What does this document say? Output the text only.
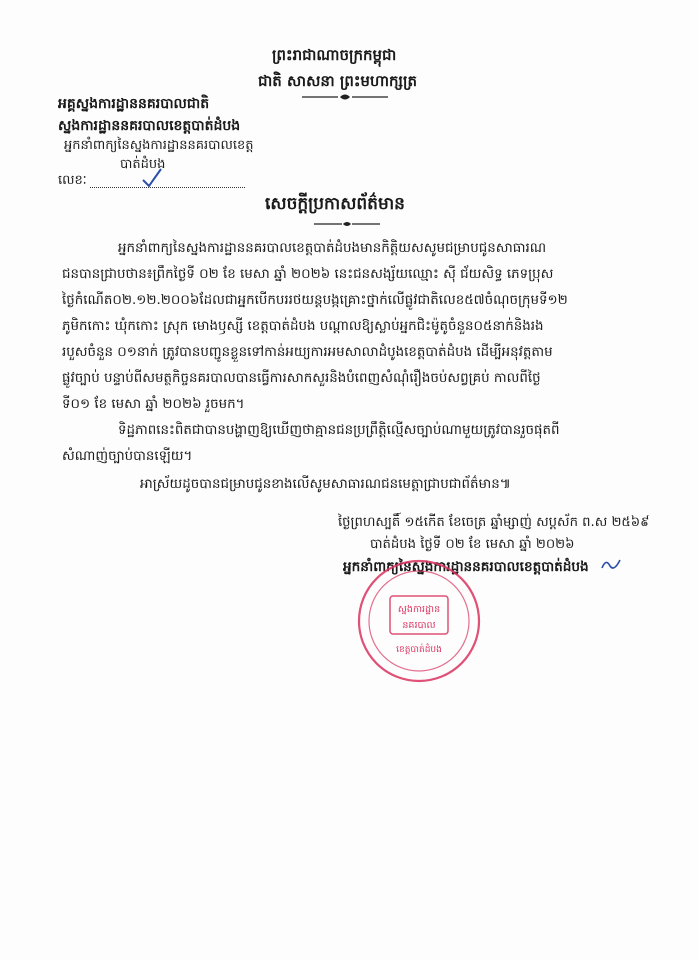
ព្រះរាជាណាចក្រកម្ពុជា
ជាតិ សាសនា ព្រះមហាក្សត្រ
អគ្គស្នងការដ្ឋាននគរបាលជាតិ
ស្នងការដ្ឋាននគរបាលខេត្តបាត់ដំបង
អ្នកនាំពាក្យនៃស្នងការដ្ឋាននគរបាលខេត្ត
បាត់ដំបង
លេខៈ
សេចក្តីប្រកាសព័ត៌មាន
អ្នកនាំពាក្យនៃស្នងការដ្ឋាននគរបាលខេត្តបាត់ដំបងមានកិត្តិយសសូមជម្រាបជូនសាធារណ
ជនបានជ្រាបថាន៖ព្រឹកថ្ងៃទី ០២ ខែ មេសា ឆ្នាំ ២០២៦ នេះជនសង្ស័យឈ្មោះ ស៊ី ជ័យសិទ្ធ ភេទប្រុស
ថ្ងៃកំណើត០២.១២.២០០៦ដែលជាអ្នកបើកបររថយន្តបង្កគ្រោះថ្នាក់លើផ្លូវជាតិលេខ៥៧ចំណុចក្រុមទី១២
ភូមិកកោះ ឃុំកកោះ ស្រុក មោងឫស្សី ខេត្តបាត់ដំបង បណ្តាលឱ្យស្លាប់អ្នកជិះម៉ូតូចំនួន០៥នាក់និងរង
របួសចំនួន ០១នាក់ ត្រូវបានបញ្ជូនខ្លួនទៅកាន់អយ្យការអមសាលាដំបូងខេត្តបាត់ដំបង ដើម្បីអនុវត្តតាម
ផ្លូវច្បាប់ បន្ទាប់ពីសមត្ថកិច្ចនគរបាលបានធ្វើការសាកសួរនិងបំពេញសំណុំរឿងចប់សព្វគ្រប់ កាលពីថ្ងៃ
ទី០១ ខែ មេសា ឆ្នាំ ២០២៦ រួចមក។
ទិដ្ឋភាពនេះពិតជាបានបង្ហាញឱ្យឃើញថាគ្មានជនប្រព្រឹត្តិល្មើសច្បាប់ណាមួយត្រូវបានរួចផុតពី
សំណាញ់ច្បាប់បានឡើយ។
អាស្រ័យដូចបានជម្រាបជូនខាងលើសូមសាធារណជនមេត្តាជ្រាបជាព័ត៌មាន៕
ថ្ងៃព្រហស្បតិ៍ ១៥កើត ខែចេត្រ ឆ្នាំម្សាញ់ សប្តស័ក ព.ស ២៥៦៩
បាត់ដំបង ថ្ងៃទី ០២ ខែ មេសា ឆ្នាំ ២០២៦
អ្នកនាំពាក្យនៃស្នងការដ្ឋាននគរបាលខេត្តបាត់ដំបង
ស្នងការដ្ឋាន
នគរបាល
ខេត្តបាត់ដំបង
